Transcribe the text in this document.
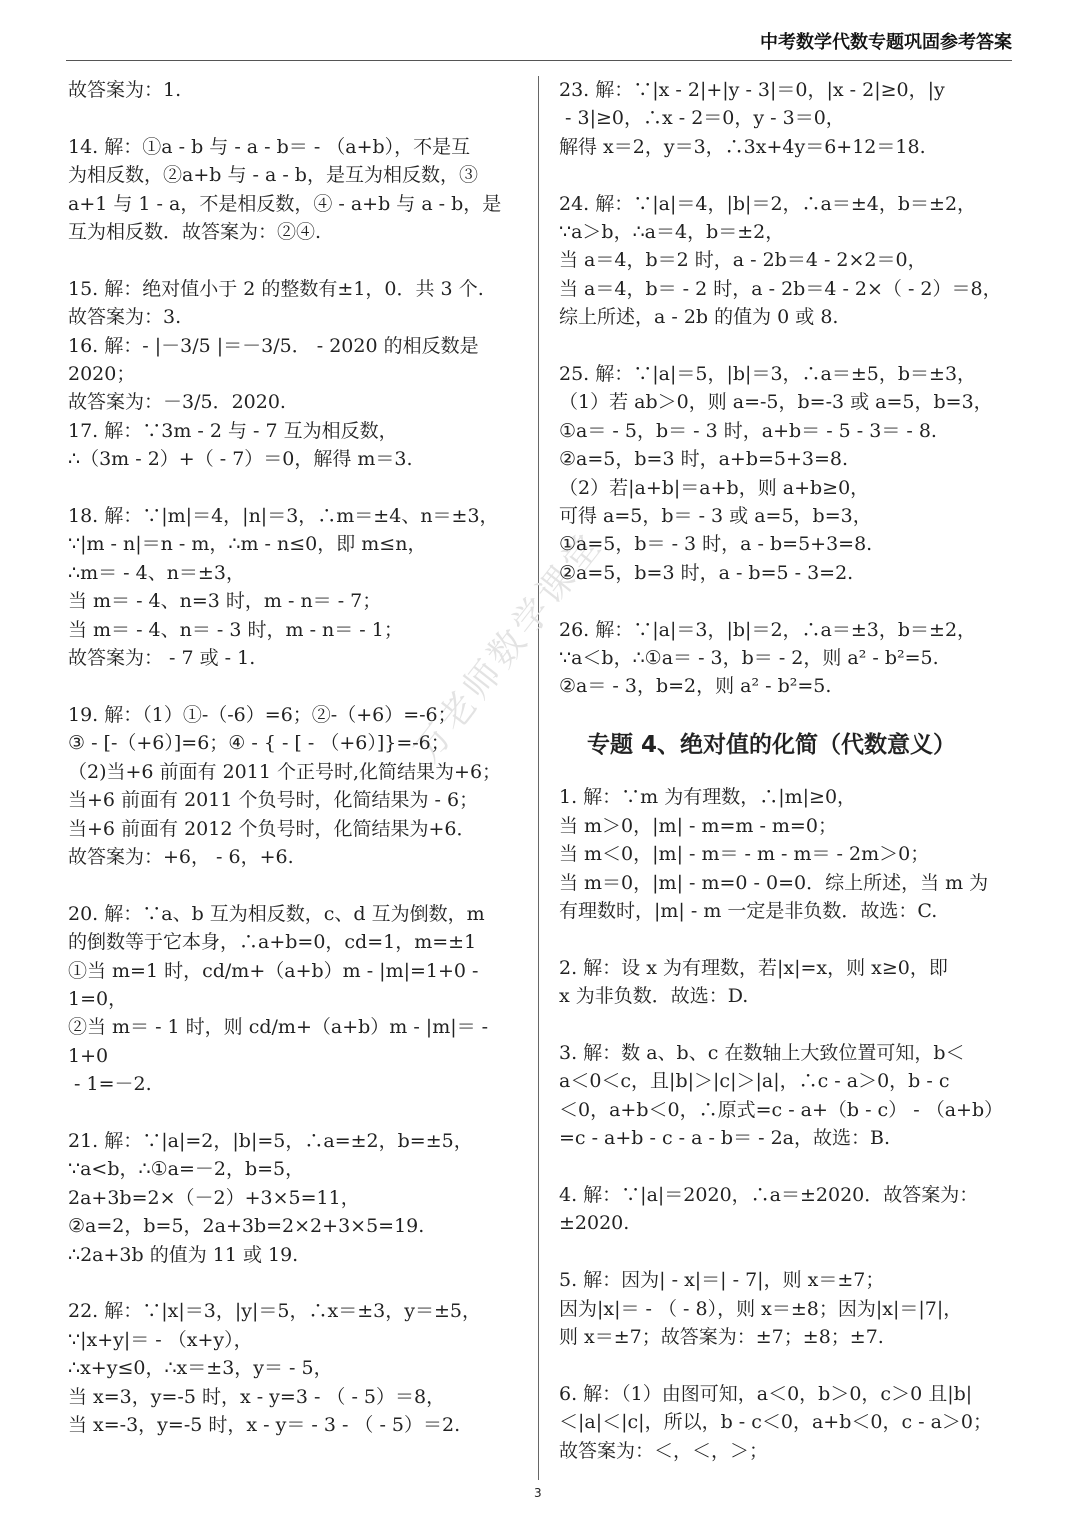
中考数学代数专题巩固参考答案
万老师数学课堂

故答案为：1.

14. 解：①a - b 与 - a - b＝ - （a+b），不是互

为相反数，②a+b 与 - a - b，是互为相反数，③

a+1 与 1 - a，不是相反数，④ - a+b 与 a - b，是

互为相反数．故答案为：②④.

15. 解：绝对值小于 2 的整数有±1，0．共 3 个.

故答案为：3.

16. 解：- |－3/5 |＝－3/5． - 2020 的相反数是 2020；

故答案为：－3/5．2020.

17. 解：∵3m - 2 与 - 7 互为相反数，

∴（3m - 2）+（ - 7）＝0，解得 m＝3.

18. 解：∵|m|＝4，|n|＝3，∴m＝±4、n＝±3，

∵|m - n|＝n - m，∴m - n≤0，即 m≤n，

∴m＝ - 4、n＝±3，

当 m＝ - 4、n=3 时，m - n＝ - 7；

当 m＝ - 4、n＝ - 3 时，m - n＝ - 1；

故答案为： - 7 或 - 1.

19. 解：（1）①-（-6）=6；②-（+6）=-6；

③ - [-（+6）]=6；④ - { - [ - （+6）]}=-6；

（2)当+6 前面有 2011 个正号时,化简结果为+6；

当+6 前面有 2011 个负号时，化简结果为 - 6；

当+6 前面有 2012 个负号时，化简结果为+6．

故答案为：+6， - 6，+6.

20. 解：∵a、b 互为相反数，c、d 互为倒数，m

的倒数等于它本身，∴a+b=0，cd=1，m=±1

①当 m=1 时，cd/m+（a+b）m - |m|=1+0 - 1=0，

②当 m＝ - 1 时，则 cd/m+（a+b）m - |m|＝ - 1+0

- 1=－2.

21. 解：∵|a|=2，|b|=5，∴a=±2，b=±5，

∵a<b，∴①a=－2，b=5，

2a+3b=2×（－2）+3×5=11，

②a=2，b=5，2a+3b=2×2+3×5=19.

∴2a+3b 的值为 11 或 19.

22. 解：∵|x|＝3，|y|＝5，∴x＝±3，y＝±5，

∵|x+y|＝ - （x+y），

∴x+y≤0，∴x＝±3，y＝ - 5，

当 x=3，y=-5 时，x - y=3 - （ - 5）＝8，

当 x=-3，y=-5 时，x - y＝ - 3 - （ - 5）＝2.

23. 解：∵|x - 2|+|y - 3|＝0，|x - 2|≥0，|y

- 3|≥0，∴x - 2＝0，y - 3＝0，

解得 x＝2，y＝3，∴3x+4y＝6+12＝18.

24. 解：∵|a|＝4，|b|＝2，∴a＝±4，b＝±2，

∵a＞b，∴a＝4，b＝±2，

当 a＝4，b＝2 时，a - 2b＝4 - 2×2＝0，

当 a＝4，b＝ - 2 时，a - 2b＝4 - 2×（ - 2）＝8，

综上所述，a - 2b 的值为 0 或 8.

25. 解：∵|a|＝5，|b|＝3，∴a＝±5，b＝±3，

（1）若 ab＞0，则 a=-5，b=-3 或 a=5，b=3，

①a＝ - 5，b＝ - 3 时，a+b＝ - 5 - 3＝ - 8.

②a=5，b=3 时，a+b=5+3=8.

（2）若|a+b|＝a+b，则 a+b≥0，

可得 a=5，b＝ - 3 或 a=5，b=3，

①a=5，b＝ - 3 时，a - b=5+3=8.

②a=5，b=3 时，a - b=5 - 3=2.

26. 解：∵|a|＝3，|b|＝2，∴a＝±3，b＝±2，

∵a＜b，∴①a＝ - 3，b＝ - 2，则 a² - b²=5.

②a＝ - 3，b=2，则 a² - b²=5.

专题 4、绝对值的化简（代数意义）

1. 解：∵m 为有理数，∴|m|≥0，

当 m＞0，|m| - m=m - m=0；

当 m＜0，|m| - m＝ - m - m＝ - 2m＞0；

当 m＝0，|m| - m=0 - 0=0．综上所述，当 m 为

有理数时，|m| - m 一定是非负数．故选：C.

2. 解：设 x 为有理数，若|x|=x，则 x≥0，即

x 为非负数．故选：D.

3. 解：数 a、b、c 在数轴上大致位置可知，b＜

a＜0＜c，且|b|＞|c|＞|a|，∴c - a＞0，b - c

＜0，a+b＜0，∴原式=c - a+（b - c） - （a+b）

=c - a+b - c - a - b＝ - 2a，故选：B.

4. 解：∵|a|＝2020，∴a＝±2020．故答案为：

±2020.

5. 解：因为| - x|＝| - 7|，则 x＝±7；

因为|x|＝ - （ - 8），则 x＝±8；因为|x|＝|7|，

则 x＝±7；故答案为：±7；±8；±7.

6. 解：（1）由图可知，a＜0，b＞0，c＞0 且|b|

＜|a|＜|c|，所以，b - c＜0，a+b＜0，c - a＞0；

故答案为：＜，＜，＞；

3
